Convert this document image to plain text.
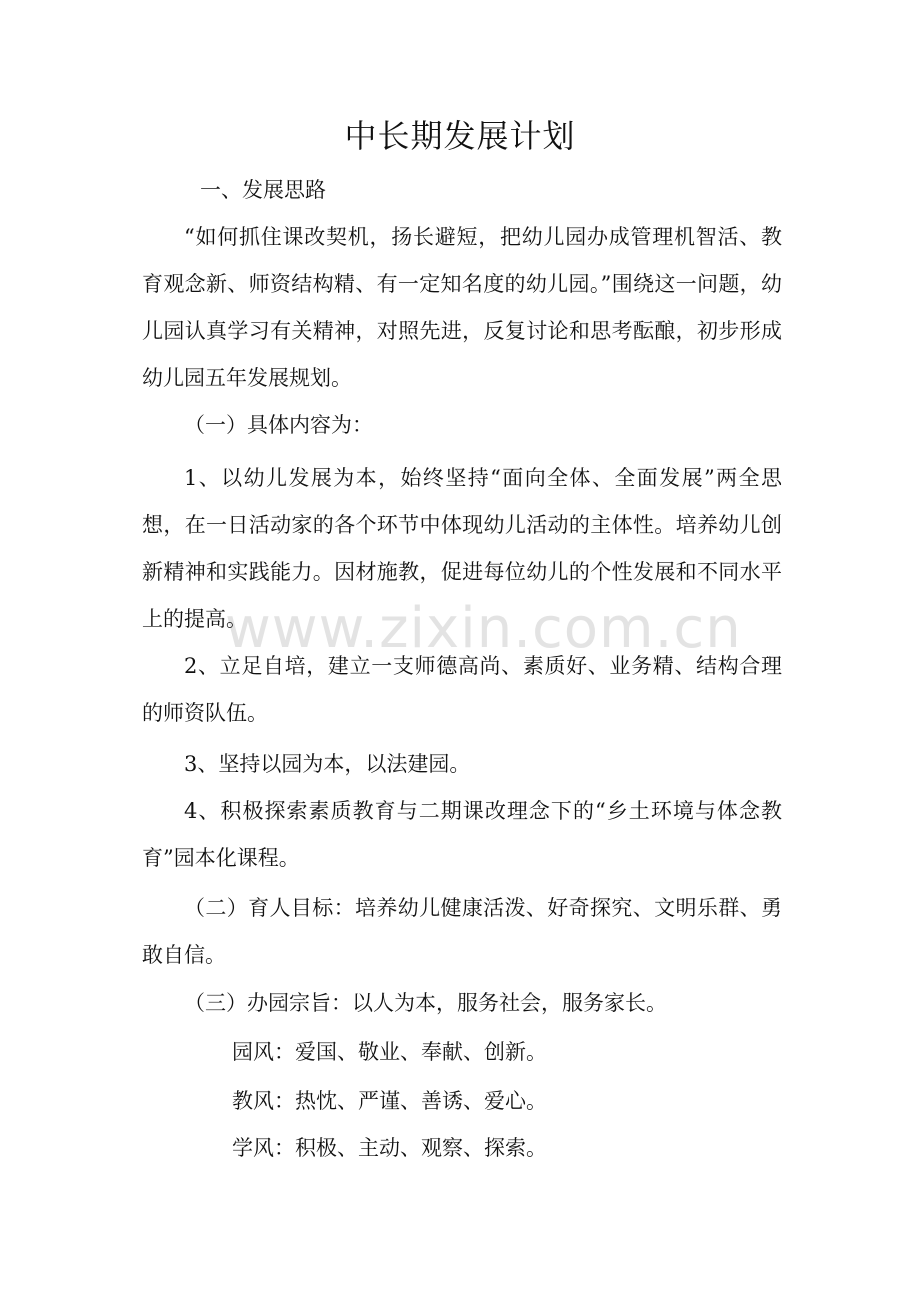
www.zixin.com.cn
中长期发展计划

一、发展思路

“如何抓住课改契机，扬长避短，把幼儿园办成管理机智活、教育观念新、师资结构精、有一定知名度的幼儿园。”围绕这一问题，幼儿园认真学习有关精神，对照先进，反复讨论和思考酝酿，初步形成幼儿园五年发展规划。

（一）具体内容为：

1、以幼儿发展为本，始终坚持“面向全体、全面发展”两全思想，在一日活动家的各个环节中体现幼儿活动的主体性。培养幼儿创新精神和实践能力。因材施教，促进每位幼儿的个性发展和不同水平上的提高。

2、立足自培，建立一支师德高尚、素质好、业务精、结构合理的师资队伍。

3、坚持以园为本，以法建园。

4、积极探索素质教育与二期课改理念下的“乡土环境与体念教育”园本化课程。

（二）育人目标：培养幼儿健康活泼、好奇探究、文明乐群、勇敢自信。

（三）办园宗旨：以人为本，服务社会，服务家长。

园风：爱国、敬业、奉献、创新。

教风：热忱、严谨、善诱、爱心。

学风：积极、主动、观察、探索。
